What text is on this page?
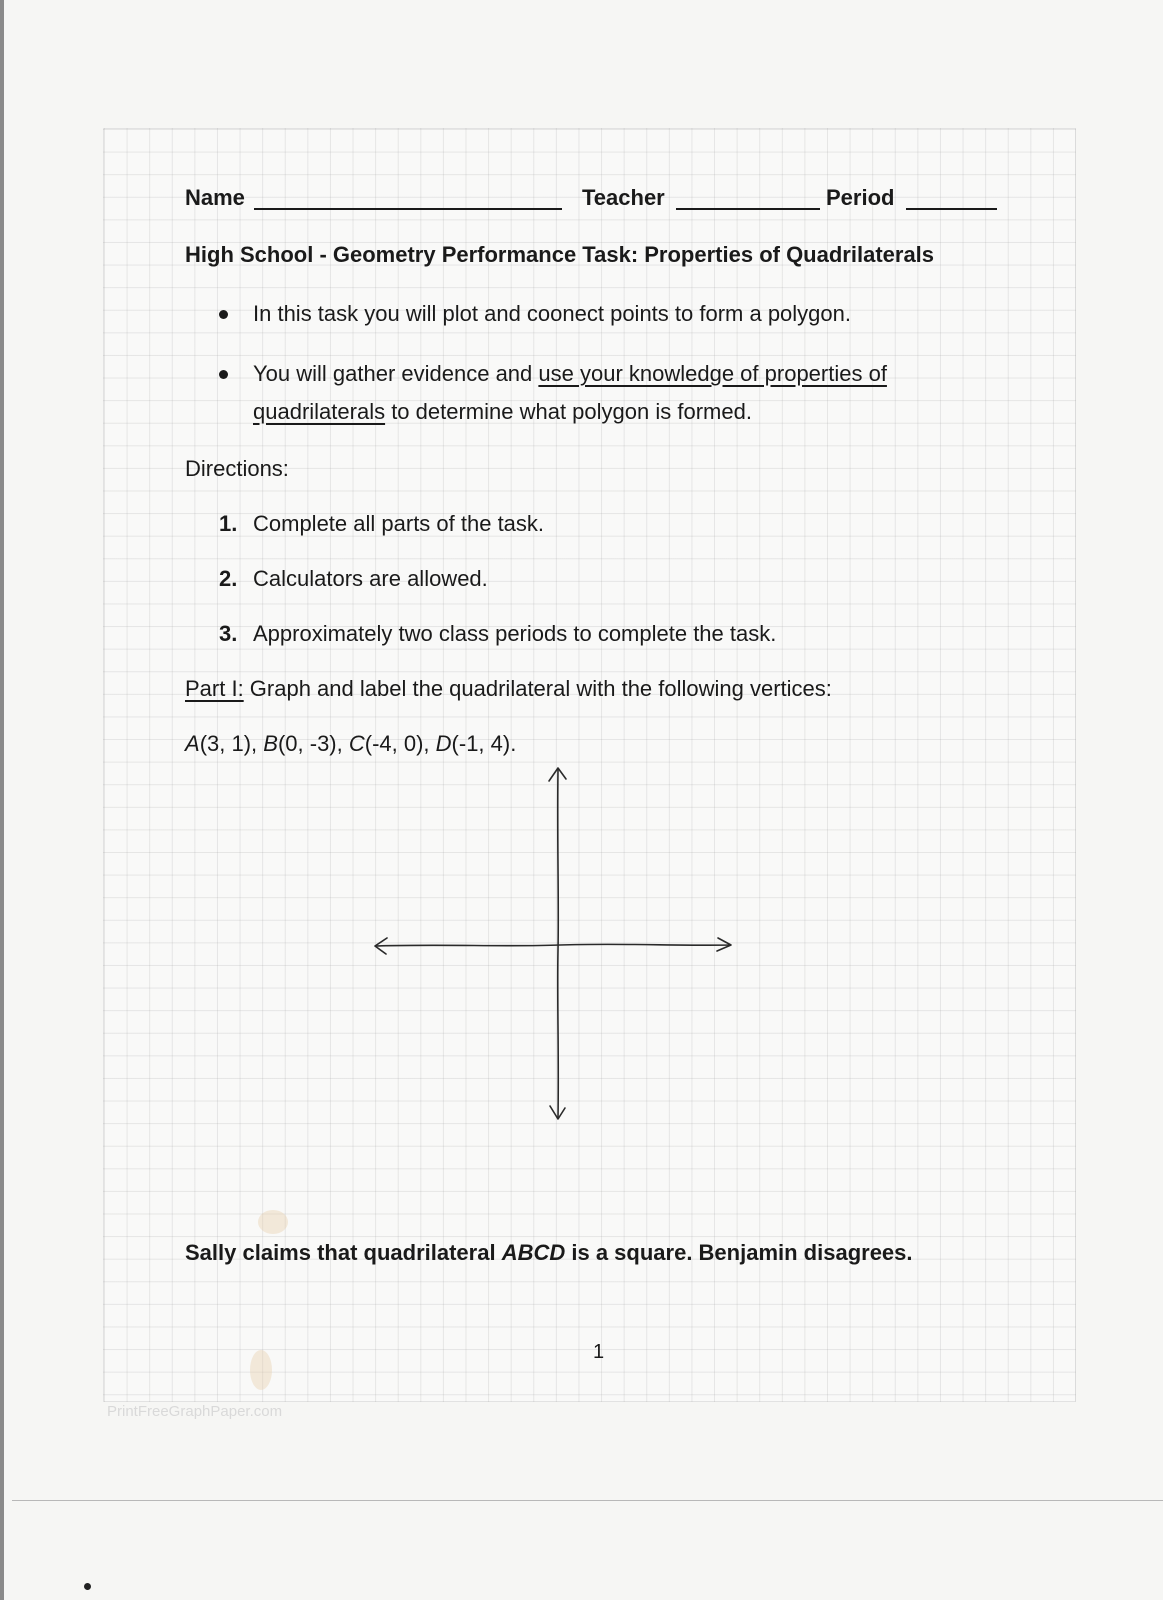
PrintFreeGraphPaper.com
Name	Teacher	Period
High School - Geometry Performance Task: Properties of Quadrilaterals
In this task you will plot and coonect points to form a polygon.
You will gather evidence and use your knowledge of properties of
quadrilaterals to determine what polygon is formed.
Directions:
1. Complete all parts of the task.
2. Calculators are allowed.
3. Approximately two class periods to complete the task.
Part I: Graph and label the quadrilateral with the following vertices:
A(3, 1), B(0, -3), C(-4, 0), D(-1, 4).
Sally claims that quadrilateral ABCD is a square. Benjamin disagrees.
1
